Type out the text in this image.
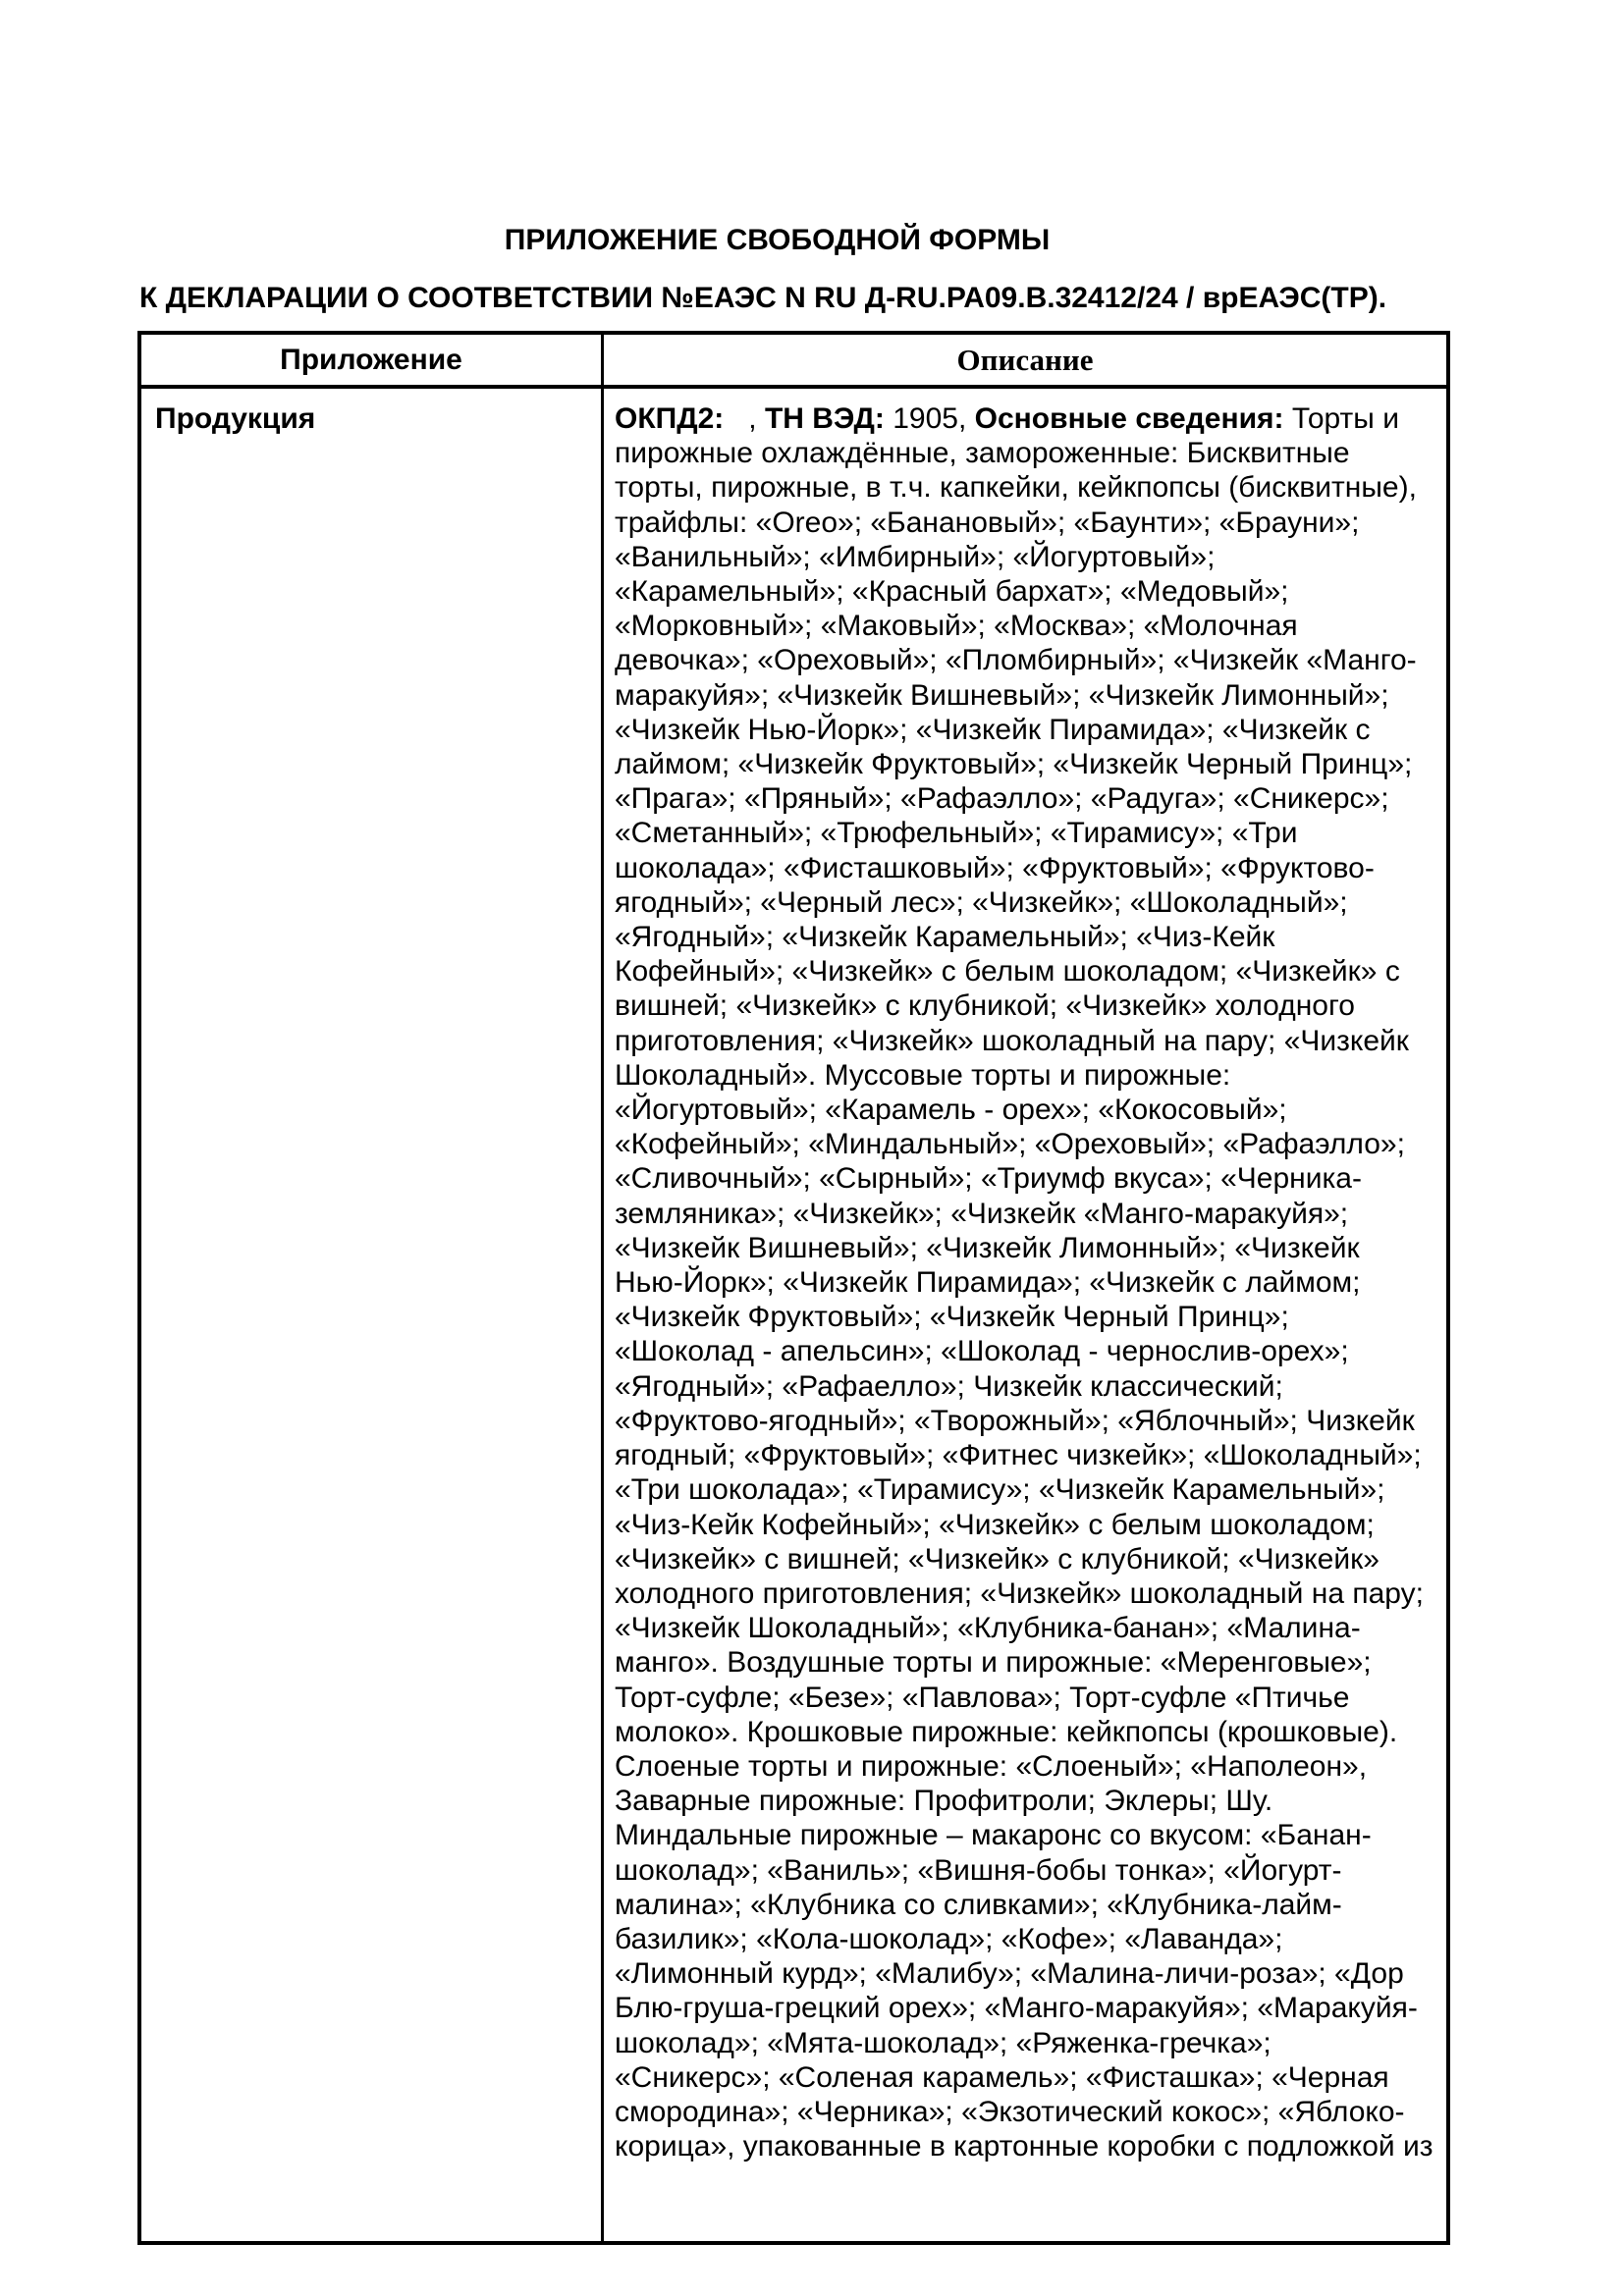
ПРИЛОЖЕНИЕ СВОБОДНОЙ ФОРМЫ
К ДЕКЛАРАЦИИ О СООТВЕТСТВИИ №ЕАЭС N RU Д-RU.РА09.В.32412/24 / врЕАЭС(ТР).
Приложение	Описание
Продукция	ОКПД2:   , ТН ВЭД: 1905, Основные сведения: Торты и пирожные охлаждённые, замороженные: Бисквитные торты, пирожные, в т.ч. капкейки, кейкпопсы (бисквитные), трайфлы: «Oreo»; «Банановый»; «Баунти»; «Брауни»; «Ванильный»; «Имбирный»; «Йогуртовый»; «Карамельный»; «Красный бархат»; «Медовый»; «Морковный»; «Маковый»; «Москва»; «Молочная девочка»; «Ореховый»; «Пломбирный»; «Чизкейк «Манго-маракуйя»; «Чизкейк Вишневый»; «Чизкейк Лимонный»; «Чизкейк Нью-Йорк»; «Чизкейк Пирамида»; «Чизкейк с лаймом; «Чизкейк Фруктовый»; «Чизкейк Черный Принц»; «Прага»; «Пряный»; «Рафаэлло»; «Радуга»; «Сникерс»; «Сметанный»; «Трюфельный»; «Тирамису»; «Три шоколада»; «Фисташковый»; «Фруктовый»; «Фруктово-ягодный»; «Черный лес»; «Чизкейк»; «Шоколадный»; «Ягодный»; «Чизкейк Карамельный»; «Чиз-Кейк Кофейный»; «Чизкейк» с белым шоколадом; «Чизкейк» с вишней; «Чизкейк» с клубникой; «Чизкейк» холодного приготовления; «Чизкейк» шоколадный на пару; «Чизкейк Шоколадный». Муссовые торты и пирожные: «Йогуртовый»; «Карамель - орех»; «Кокосовый»; «Кофейный»; «Миндальный»; «Ореховый»; «Рафаэлло»; «Сливочный»; «Сырный»; «Триумф вкуса»; «Черника-земляника»; «Чизкейк»; «Чизкейк «Манго-маракуйя»; «Чизкейк Вишневый»; «Чизкейк Лимонный»; «Чизкейк Нью-Йорк»; «Чизкейк Пирамида»; «Чизкейк с лаймом; «Чизкейк Фруктовый»; «Чизкейк Черный Принц»; «Шоколад - апельсин»; «Шоколад - чернослив-орех»; «Ягодный»; «Рафаелло»; Чизкейк классический; «Фруктово-ягодный»; «Творожный»; «Яблочный»; Чизкейк ягодный; «Фруктовый»; «Фитнес чизкейк»; «Шоколадный»; «Три шоколада»; «Тирамису»; «Чизкейк Карамельный»; «Чиз-Кейк Кофейный»; «Чизкейк» с белым шоколадом; «Чизкейк» с вишней; «Чизкейк» с клубникой; «Чизкейк» холодного приготовления; «Чизкейк» шоколадный на пару; «Чизкейк Шоколадный»; «Клубника-банан»; «Малина-манго». Воздушные торты и пирожные: «Меренговые»; Торт-суфле; «Безе»; «Павлова»; Торт-суфле «Птичье молоко». Крошковые пирожные: кейкпопсы (крошковые). Слоеные торты и пирожные: «Слоеный»; «Наполеон», Заварные пирожные: Профитроли; Эклеры; Шу. Миндальные пирожные – макаронс со вкусом: «Банан-шоколад»; «Ваниль»; «Вишня-бобы тонка»; «Йогурт-малина»; «Клубника со сливками»; «Клубника-лайм-базилик»; «Кола-шоколад»; «Кофе»; «Лаванда»; «Лимонный курд»; «Малибу»; «Малина-личи-роза»; «Дор Блю-груша-грецкий орех»; «Манго-маракуйя»; «Маракуйя-шоколад»; «Мята-шоколад»; «Ряженка-гречка»; «Сникерс»; «Соленая карамель»; «Фисташка»; «Черная смородина»; «Черника»; «Экзотический кокос»; «Яблоко-корица», упакованные в картонные коробки с подложкой из
